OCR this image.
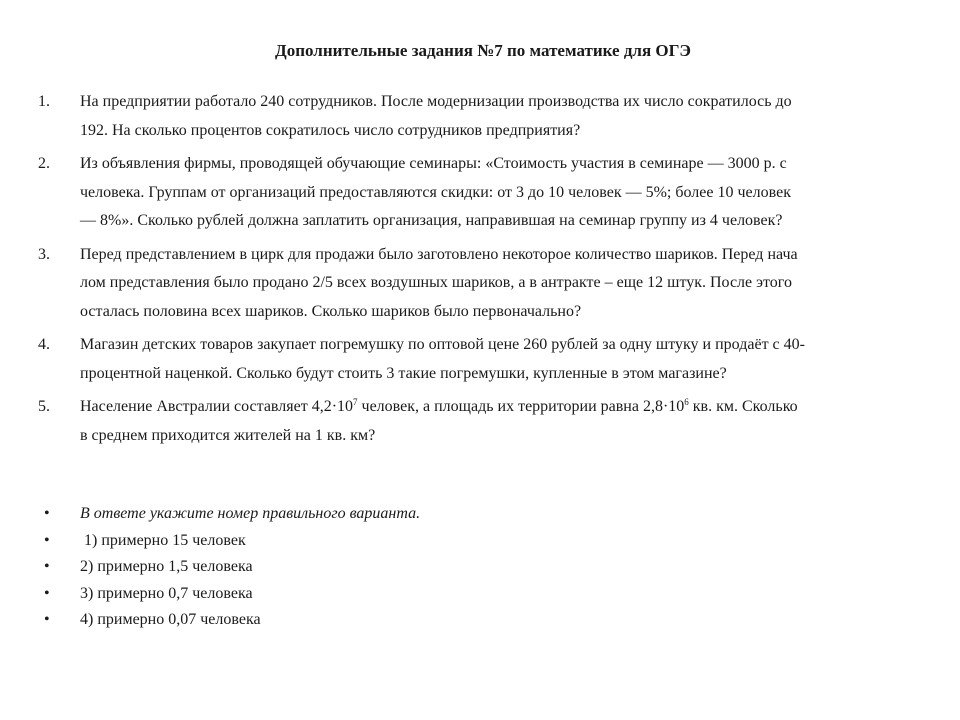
Дополнительные задания №7 по математике для ОГЭ
1. На предприятии работало 240 сотрудников. После модернизации производства их число сократилось до
192. На сколько процентов сократилось число сотрудников предприятия?
2. Из объявления фирмы, проводящей обучающие семинары: «Стоимость участия в семинаре — 3000 р. с
человека. Группам от организаций предоставляются скидки: от 3 до 10 человек — 5%; более 10 человек
— 8%». Сколько рублей должна заплатить организация, направившая на семинар группу из 4 человек?
3. Перед представлением в цирк для продажи было заготовлено некоторое количество шариков. Перед нача
лом представления было продано 2/5 всех воздушных шариков, а в антракте – еще 12 штук. После этого
осталась половина всех шариков. Сколько шариков было первоначально?
4. Магазин детских товаров закупает погремушку по оптовой цене 260 рублей за одну штуку и продаёт с 40-
процентной наценкой. Сколько будут стоить 3 такие погремушки, купленные в этом магазине?
5. Население Австралии составляет $4,2\cdot 10^7$ человек, а площадь их территории равна $2,8\cdot 10^6$ кв. км. Сколько
в среднем приходится жителей на 1 кв. км?
• В ответе укажите номер правильного варианта.
• 1) примерно 15 человек
• 2) примерно 1,5 человека
• 3) примерно 0,7 человека
• 4) примерно 0,07 человека
